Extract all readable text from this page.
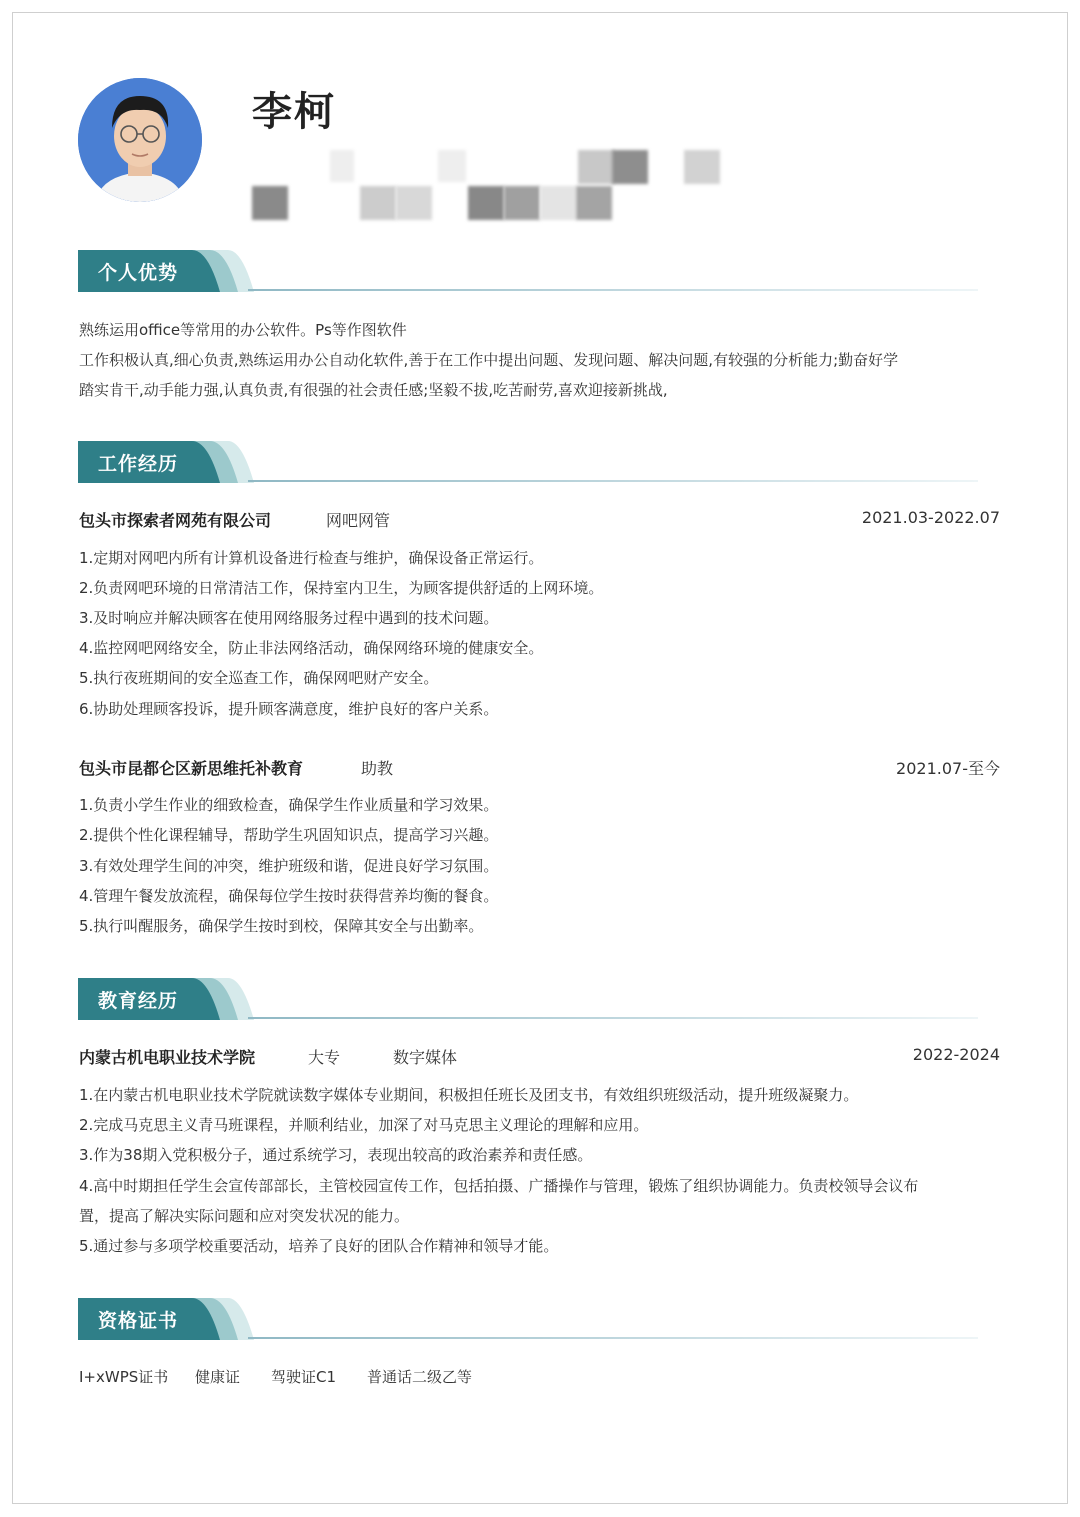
李柯
个人优势
熟练运用office等常用的办公软件。Ps等作图软件
工作积极认真,细心负责,熟练运用办公自动化软件,善于在工作中提出问题、发现问题、解决问题,有较强的分析能力;勤奋好学
踏实肯干,动手能力强,认真负责,有很强的社会责任感;坚毅不拔,吃苦耐劳,喜欢迎接新挑战,
工作经历
包头市探索者网苑有限公司	网吧网管	2021.03-2022.07
1.定期对网吧内所有计算机设备进行检查与维护，确保设备正常运行。
2.负责网吧环境的日常清洁工作，保持室内卫生，为顾客提供舒适的上网环境。
3.及时响应并解决顾客在使用网络服务过程中遇到的技术问题。
4.监控网吧网络安全，防止非法网络活动，确保网络环境的健康安全。
5.执行夜班期间的安全巡查工作，确保网吧财产安全。
6.协助处理顾客投诉，提升顾客满意度，维护良好的客户关系。
包头市昆都仑区新思维托补教育	助教	2021.07-至今
1.负责小学生作业的细致检查，确保学生作业质量和学习效果。
2.提供个性化课程辅导，帮助学生巩固知识点，提高学习兴趣。
3.有效处理学生间的冲突，维护班级和谐，促进良好学习氛围。
4.管理午餐发放流程，确保每位学生按时获得营养均衡的餐食。
5.执行叫醒服务，确保学生按时到校，保障其安全与出勤率。
教育经历
内蒙古机电职业技术学院	大专	数字媒体	2022-2024
1.在内蒙古机电职业技术学院就读数字媒体专业期间，积极担任班长及团支书，有效组织班级活动，提升班级凝聚力。
2.完成马克思主义青马班课程，并顺利结业，加深了对马克思主义理论的理解和应用。
3.作为38期入党积极分子，通过系统学习，表现出较高的政治素养和责任感。
4.高中时期担任学生会宣传部部长，主管校园宣传工作，包括拍摄、广播操作与管理，锻炼了组织协调能力。负责校领导会议布
置，提高了解决实际问题和应对突发状况的能力。
5.通过参与多项学校重要活动，培养了良好的团队合作精神和领导才能。
资格证书
I+xWPS证书 健康证 驾驶证C1 普通话二级乙等
